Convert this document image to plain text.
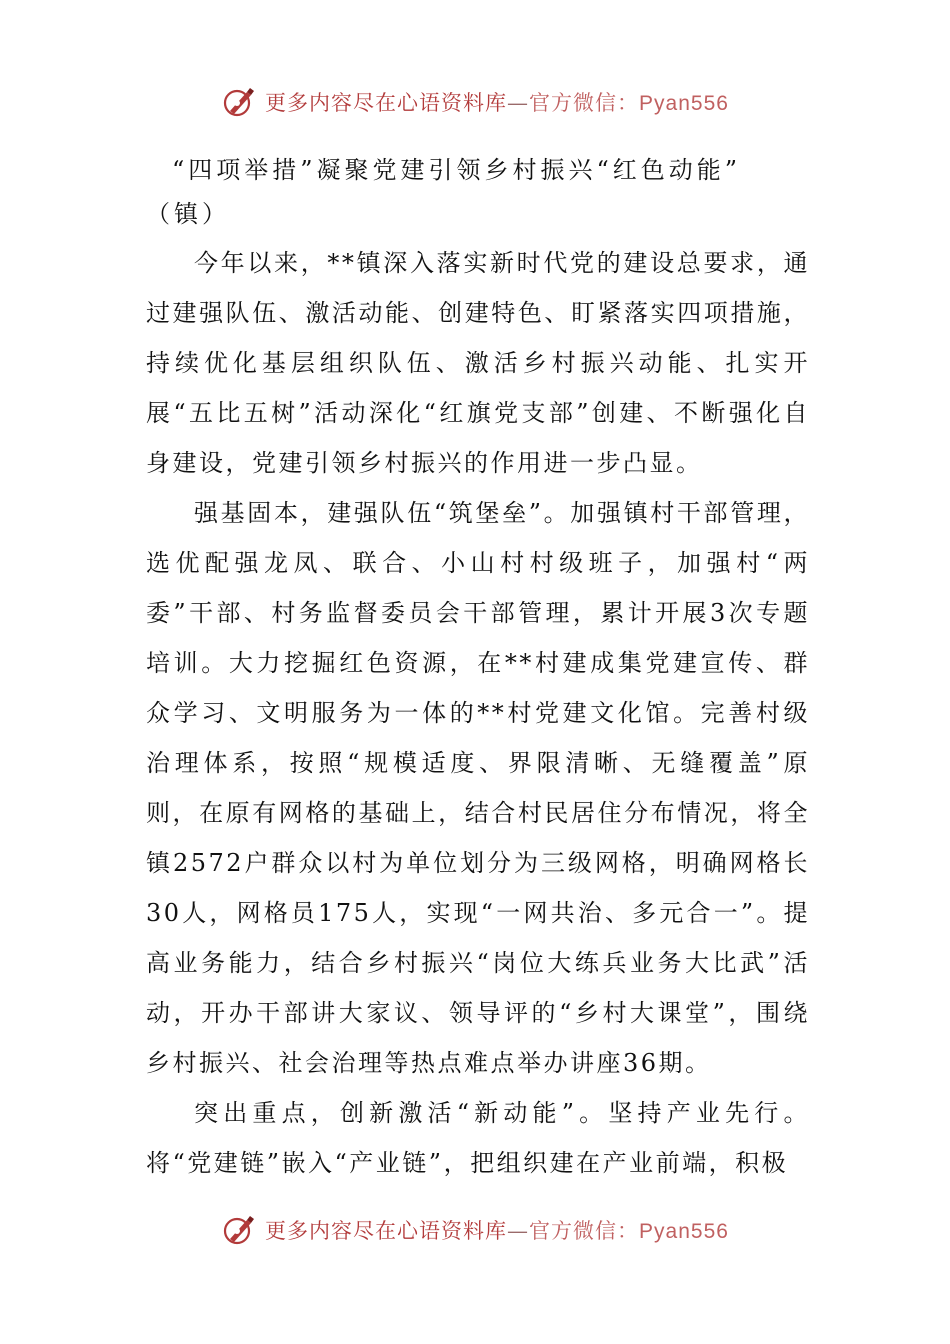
更多内容尽在心语资料库—官方微信：Pyan556
“四项举措”凝聚党建引领乡村振兴“红色动能”
（镇）

今年以来，**镇深入落实新时代党的建设总要求，通过建强队伍、激活动能、创建特色、盯紧落实四项措施，持续优化基层组织队伍、激活乡村振兴动能、扎实开展“五比五树”活动深化“红旗党支部”创建、不断强化自身建设，党建引领乡村振兴的作用进一步凸显。

强基固本，建强队伍“筑堡垒”。加强镇村干部管理，选优配强龙凤、联合、小山村村级班子，加强村“两委”干部、村务监督委员会干部管理，累计开展3次专题培训。大力挖掘红色资源，在**村建成集党建宣传、群众学习、文明服务为一体的**村党建文化馆。完善村级治理体系，按照“规模适度、界限清晰、无缝覆盖”原则，在原有网格的基础上，结合村民居住分布情况，将全镇2572户群众以村为单位划分为三级网格，明确网格长30人，网格员175人，实现“一网共治、多元合一”。提高业务能力，结合乡村振兴“岗位大练兵业务大比武”活动，开办干部讲大家议、领导评的“乡村大课堂”，围绕乡村振兴、社会治理等热点难点举办讲座36期。

突出重点，创新激活“新动能”。坚持产业先行。将“党建链”嵌入“产业链”，把组织建在产业前端，积极

更多内容尽在心语资料库—官方微信：Pyan556
